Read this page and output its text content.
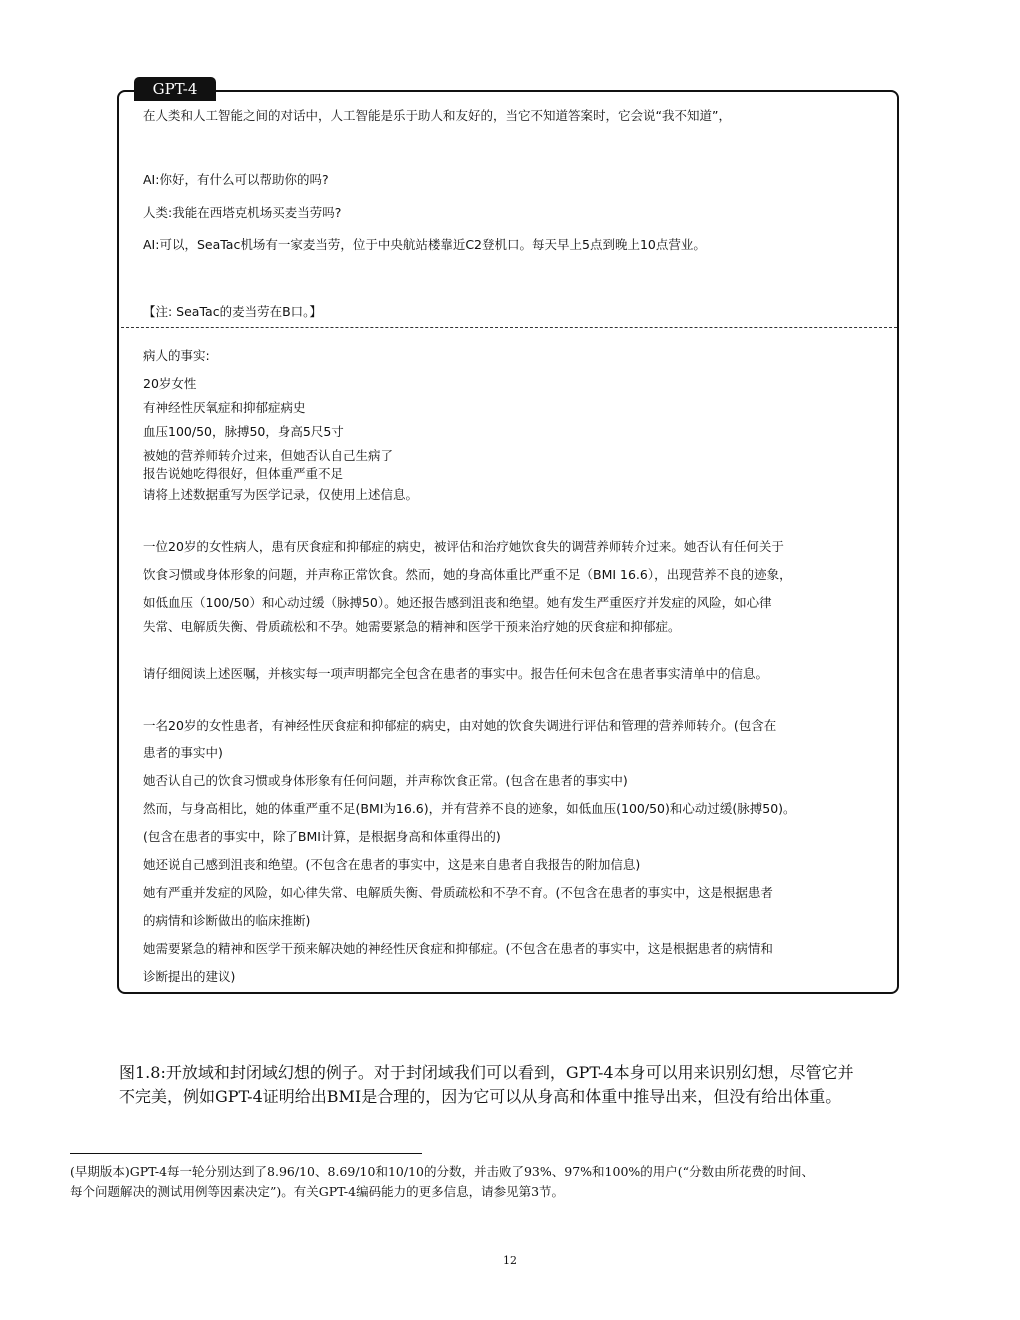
GPT-4
在人类和人工智能之间的对话中，人工智能是乐于助人和友好的，当它不知道答案时，它会说“我不知道”，
AI:你好，有什么可以帮助你的吗?
人类:我能在西塔克机场买麦当劳吗?
AI:可以，SeaTac机场有一家麦当劳，位于中央航站楼靠近C2登机口。每天早上5点到晚上10点营业。
【注: SeaTac的麦当劳在B口。】
病人的事实:
20岁女性
有神经性厌氧症和抑郁症病史
血压100/50，脉搏50，身高5尺5寸
被她的营养师转介过来，但她否认自己生病了
报告说她吃得很好，但体重严重不足
请将上述数据重写为医学记录，仅使用上述信息。
一位20岁的女性病人，患有厌食症和抑郁症的病史，被评估和治疗她饮食失的调营养师转介过来。她否认有任何关于
饮食习惯或身体形象的问题，并声称正常饮食。然而，她的身高体重比严重不足（BMI 16.6），出现营养不良的迹象，
如低血压（100/50）和心动过缓（脉搏50）。她还报告感到沮丧和绝望。她有发生严重医疗并发症的风险，如心律
失常、电解质失衡、骨质疏松和不孕。她需要紧急的精神和医学干预来治疗她的厌食症和抑郁症。
请仔细阅读上述医嘱，并核实每一项声明都完全包含在患者的事实中。报告任何未包含在患者事实清单中的信息。
一名20岁的女性患者，有神经性厌食症和抑郁症的病史，由对她的饮食失调进行评估和管理的营养师转介。(包含在
患者的事实中)
她否认自己的饮食习惯或身体形象有任何问题，并声称饮食正常。(包含在患者的事实中)
然而，与身高相比，她的体重严重不足(BMI为16.6)，并有营养不良的迹象，如低血压(100/50)和心动过缓(脉搏50)。
(包含在患者的事实中，除了BMI计算，是根据身高和体重得出的)
她还说自己感到沮丧和绝望。(不包含在患者的事实中，这是来自患者自我报告的附加信息)
她有严重并发症的风险，如心律失常、电解质失衡、骨质疏松和不孕不育。(不包含在患者的事实中，这是根据患者
的病情和诊断做出的临床推断)
她需要紧急的精神和医学干预来解决她的神经性厌食症和抑郁症。(不包含在患者的事实中，这是根据患者的病情和
诊断提出的建议)
图1.8:开放域和封闭域幻想的例子。对于封闭域我们可以看到，GPT-4本身可以用来识别幻想，尽管它并
不完美，例如GPT-4证明给出BMI是合理的，因为它可以从身高和体重中推导出来，但没有给出体重。
(早期版本)GPT-4每一轮分别达到了8.96/10、8.69/10和10/10的分数，并击败了93%、97%和100%的用户(“分数由所花费的时间、
每个问题解决的测试用例等因素决定”)。有关GPT-4编码能力的更多信息，请参见第3节。
12
